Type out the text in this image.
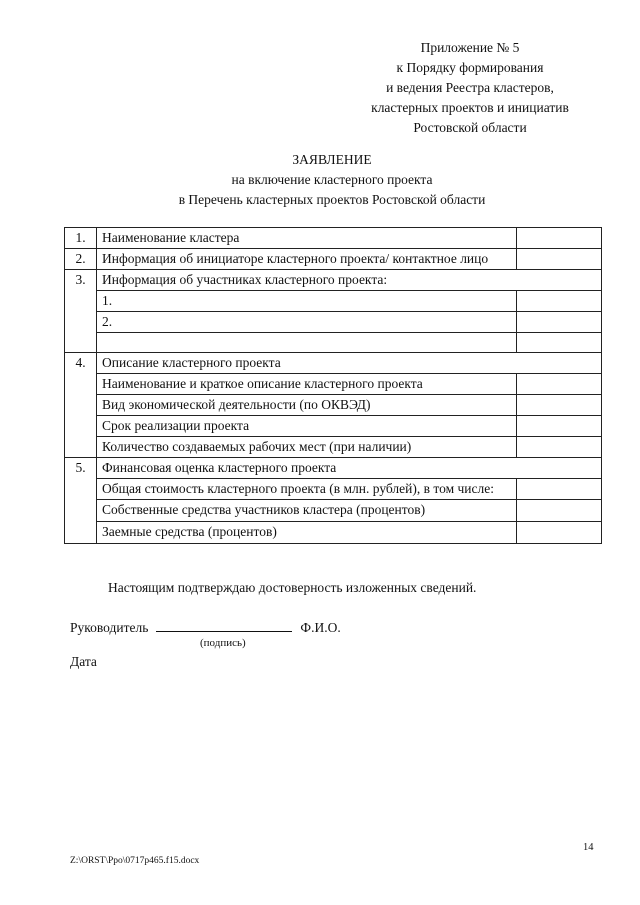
Приложение № 5
к Порядку формирования
и ведения Реестра кластеров,
кластерных проектов и инициатив
Ростовской области
ЗАЯВЛЕНИЕ
на включение кластерного проекта
в Перечень кластерных проектов Ростовской области
1.	Наименование кластера	
2.	Информация об инициаторе кластерного проекта/ контактное лицо	
3.	Информация об участниках кластерного проекта:	
	1.	
	2.	

4.	Описание кластерного проекта	
	Наименование и краткое описание кластерного проекта	
	Вид экономической деятельности (по ОКВЭД)	
	Срок реализации проекта	
	Количество создаваемых рабочих мест (при наличии)	
5.	Финансовая оценка кластерного проекта	
	Общая стоимость кластерного проекта (в млн. рублей), в том числе:	
	Собственные средства участников кластера (процентов)	
	Заемные средства (процентов)	
Настоящим подтверждаю достоверность изложенных сведений.
Руководитель	Ф.И.О.
(подпись)
Дата
14
Z:\ORST\Ppo\0717p465.f15.docx
